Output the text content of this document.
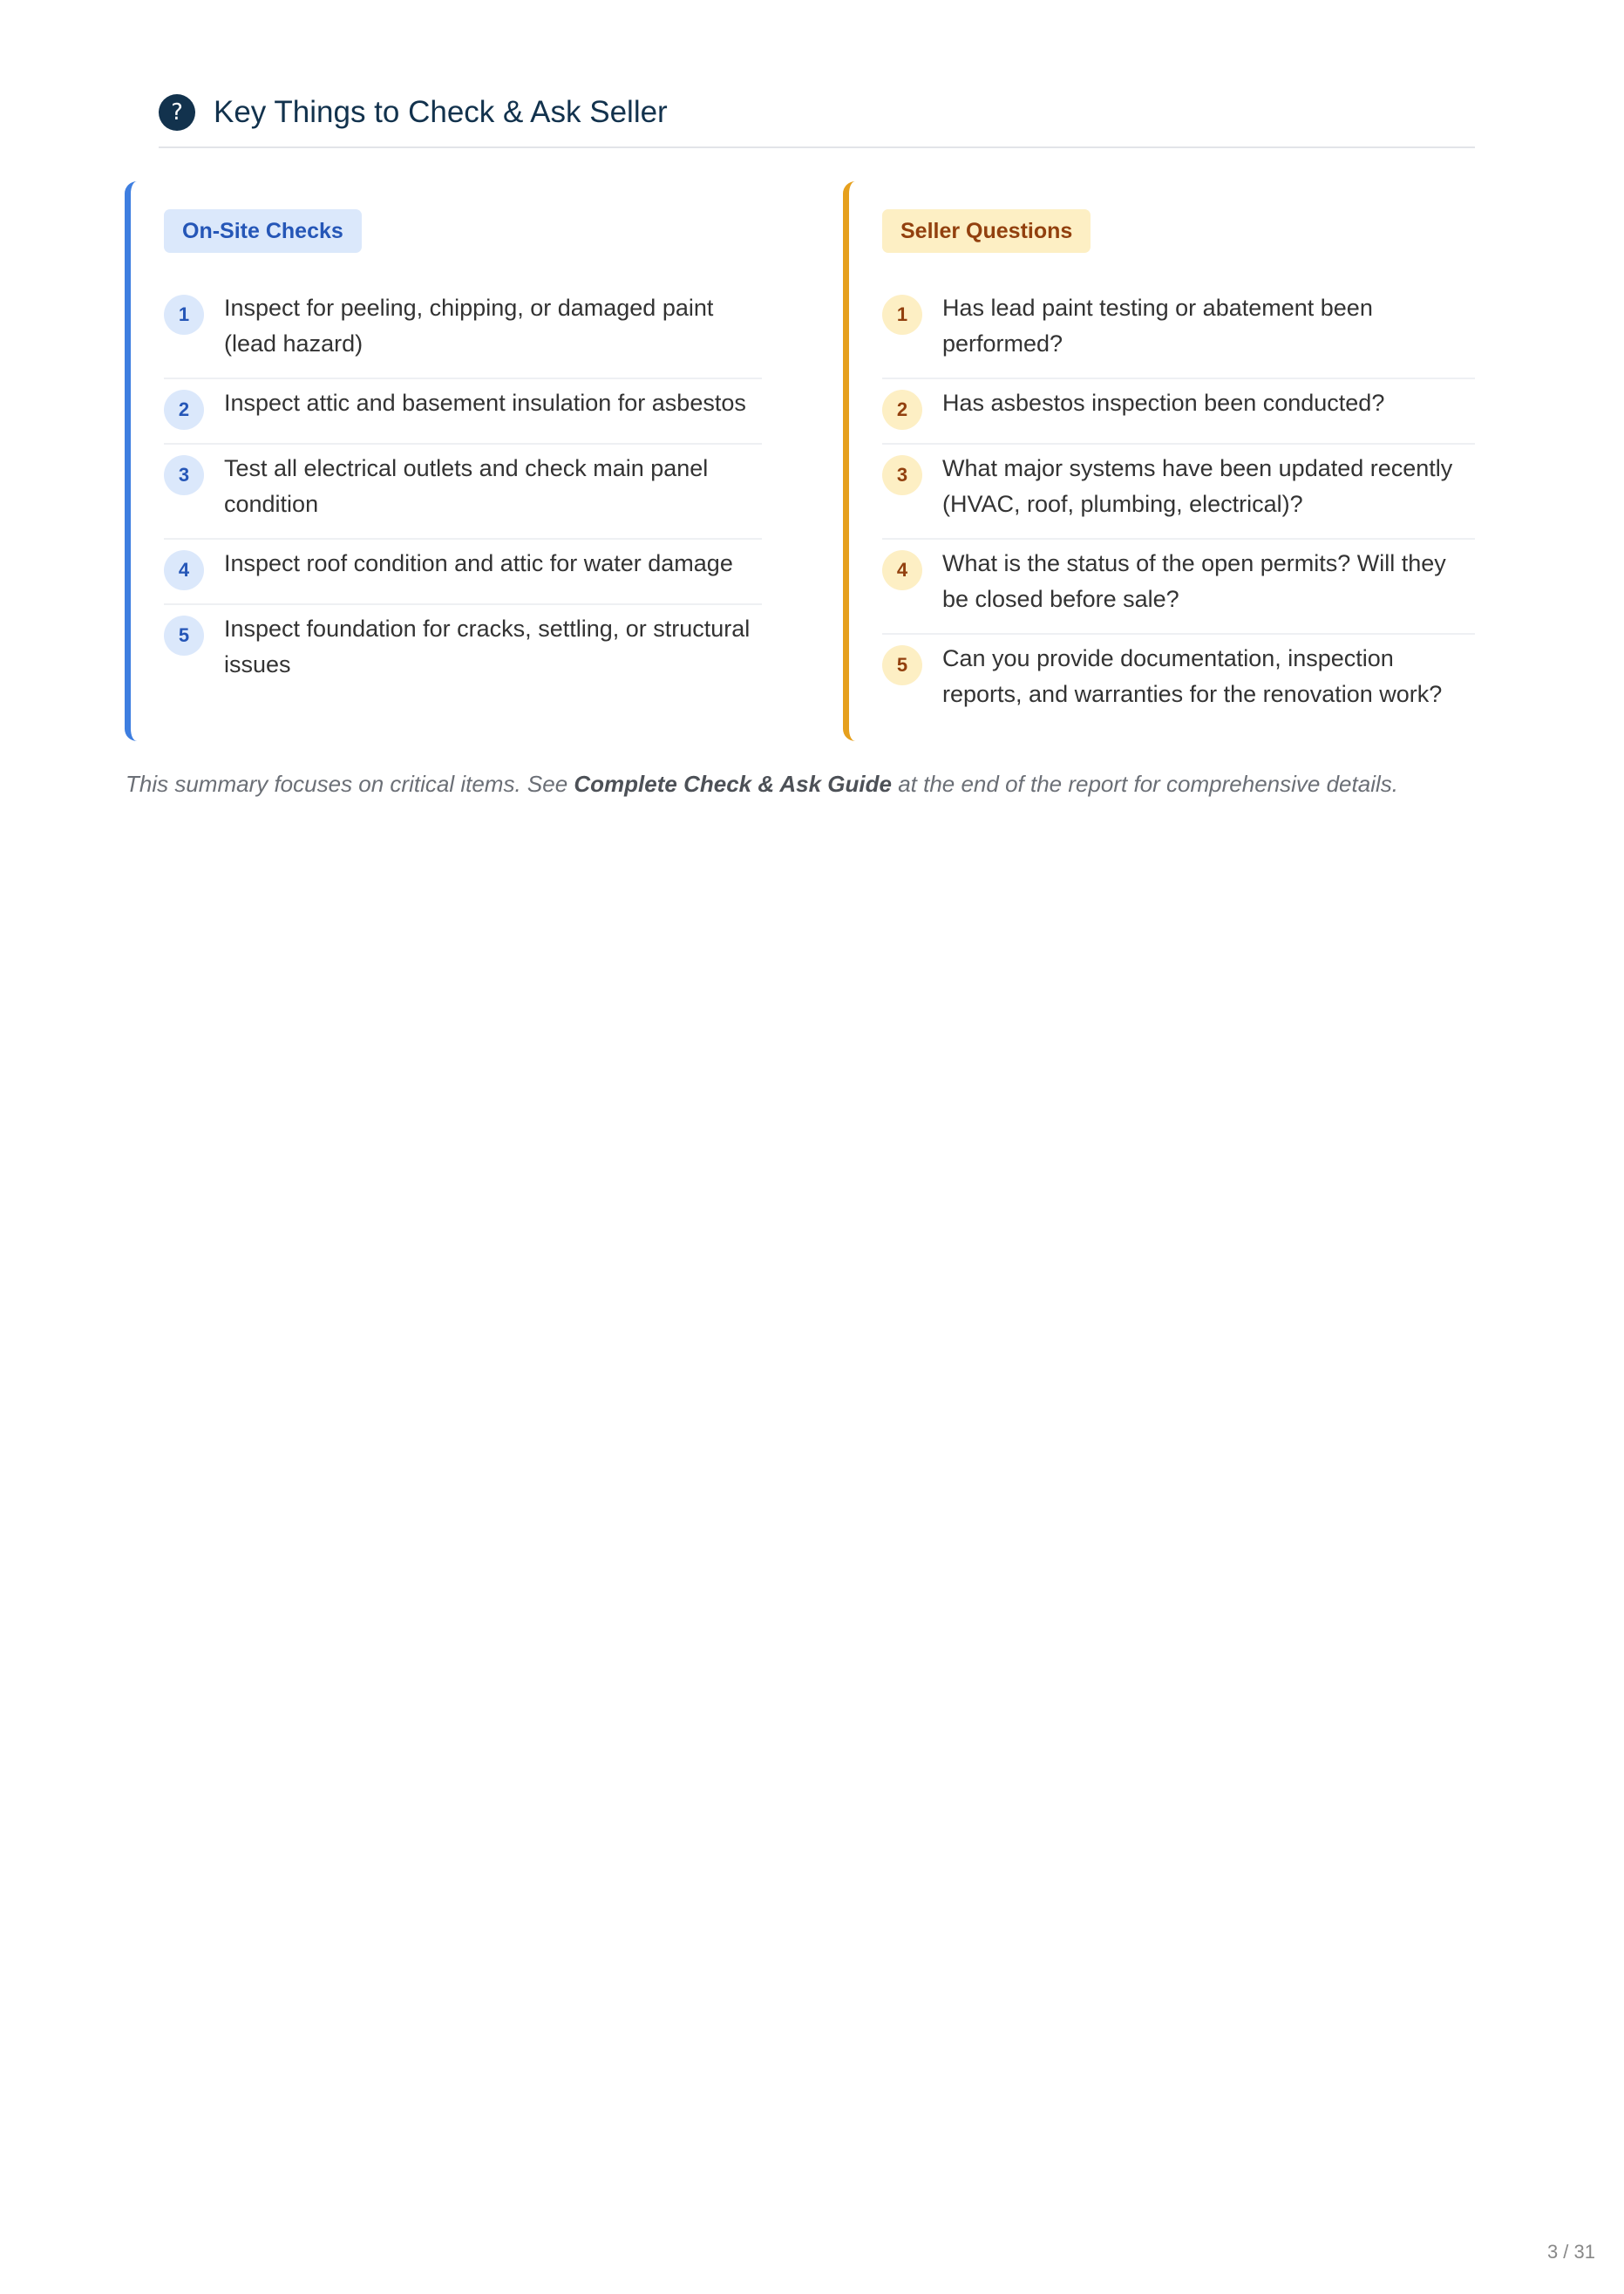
?	Key Things to Check & Ask Seller
On-Site Checks
1	Inspect for peeling, chipping, or damaged paint (lead hazard)
2	Inspect attic and basement insulation for asbestos
3	Test all electrical outlets and check main panel condition
4	Inspect roof condition and attic for water damage
5	Inspect foundation for cracks, settling, or structural issues
Seller Questions
1	Has lead paint testing or abatement been performed?
2	Has asbestos inspection been conducted?
3	What major systems have been updated recently (HVAC, roof, plumbing, electrical)?
4	What is the status of the open permits? Will they be closed before sale?
5	Can you provide documentation, inspection reports, and warranties for the renovation work?

This summary focuses on critical items. See Complete Check & Ask Guide at the end of the report for comprehensive details.

3 / 31
